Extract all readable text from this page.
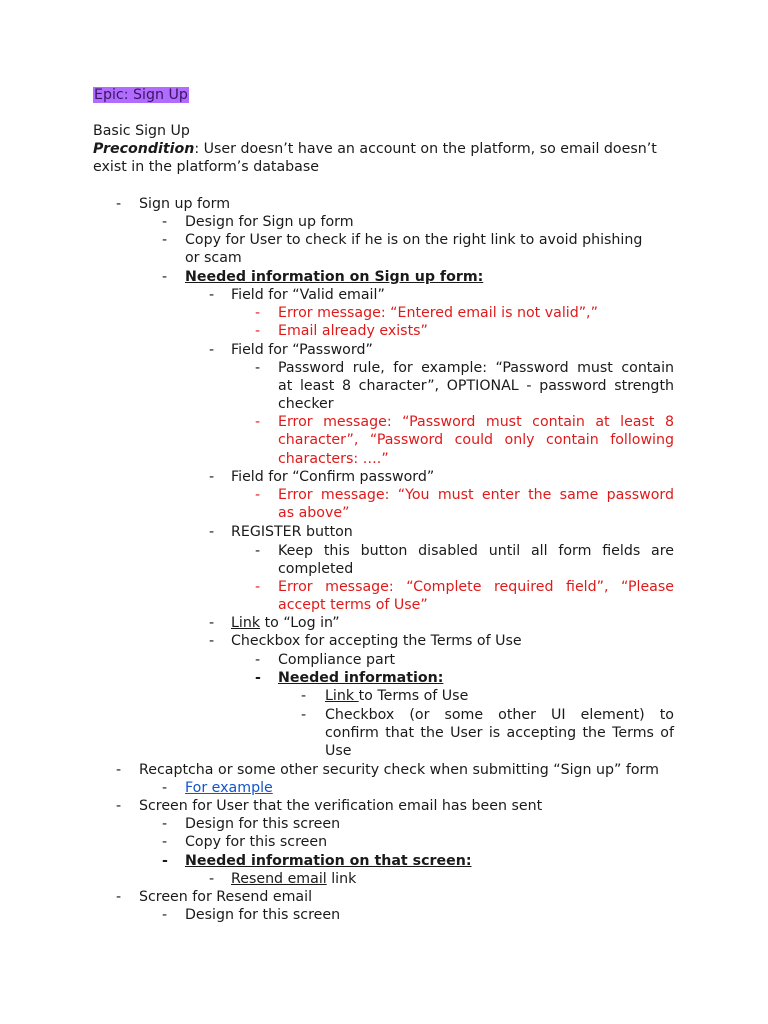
Epic: Sign Up
Basic Sign Up
Precondition: User doesn’t have an account on the platform, so email doesn’t
exist in the platform’s database
- Sign up form
- Design for Sign up form
- Copy for User to check if he is on the right link to avoid phishing
or scam
- Needed information on Sign up form:
- Field for “Valid email”
- Error message: “Entered email is not valid”,”
- Email already exists”
- Field for “Password”
- Password rule, for example: “Password must contain
at least 8 character”, OPTIONAL - password strength
checker
- Error message: “Password must contain at least 8
character”, “Password could only contain following
characters: ….”
- Field for “Confirm password”
- Error message: “You must enter the same password
as above”
- REGISTER button
- Keep this button disabled until all form fields are
completed
- Error message: “Complete required field”, “Please
accept terms of Use”
- Link to “Log in”
- Checkbox for accepting the Terms of Use
- Compliance part
- Needed information:
- Link to Terms of Use
- Checkbox (or some other UI element) to
confirm that the User is accepting the Terms of
Use
- Recaptcha or some other security check when submitting “Sign up” form
- For example
- Screen for User that the verification email has been sent
- Design for this screen
- Copy for this screen
- Needed information on that screen:
- Resend email link
- Screen for Resend email
- Design for this screen
